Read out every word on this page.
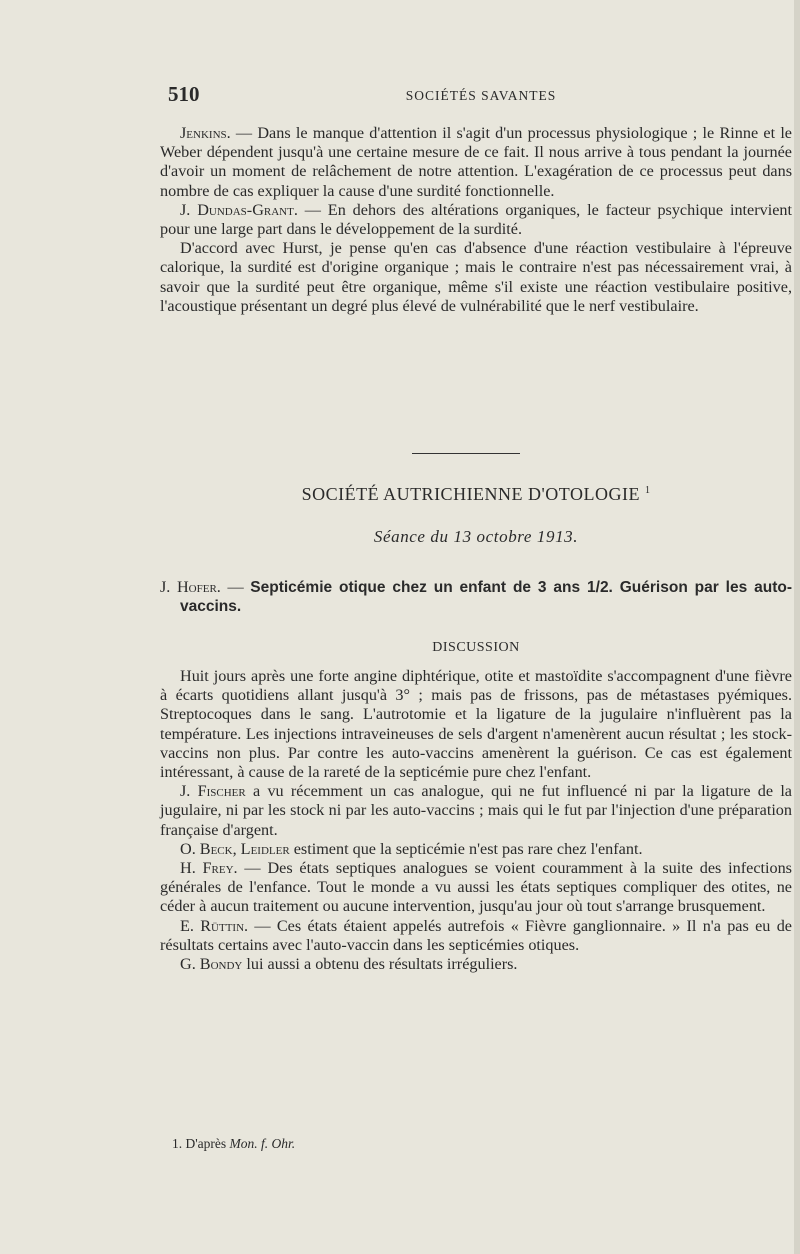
510	SOCIÉTÉS SAVANTES

Jenkins. — Dans le manque d'attention il s'agit d'un processus physiologique ; le Rinne et le Weber dépendent jusqu'à une certaine mesure de ce fait. Il nous arrive à tous pendant la journée d'avoir un moment de relâchement de notre attention. L'exagération de ce processus peut dans nombre de cas expliquer la cause d'une surdité fonctionnelle.

J. Dundas-Grant. — En dehors des altérations organiques, le facteur psychique intervient pour une large part dans le développement de la surdité.

D'accord avec Hurst, je pense qu'en cas d'absence d'une réaction vestibulaire à l'épreuve calorique, la surdité est d'origine organique ; mais le contraire n'est pas nécessairement vrai, à savoir que la surdité peut être organique, même s'il existe une réaction vestibulaire positive, l'acoustique présentant un degré plus élevé de vulnérabilité que le nerf vestibulaire.

SOCIÉTÉ AUTRICHIENNE D'OTOLOGIE $^1$
Séance du 13 octobre 1913.

J. Hofer. — Septicémie otique chez un enfant de 3 ans 1/2. Guérison par les auto-vaccins.

DISCUSSION

Huit jours après une forte angine diphtérique, otite et mastoïdite s'accompagnent d'une fièvre à écarts quotidiens allant jusqu'à 3° ; mais pas de frissons, pas de métastases pyémiques. Streptocoques dans le sang. L'autrotomie et la ligature de la jugulaire n'influèrent pas la température. Les injections intraveineuses de sels d'argent n'amenèrent aucun résultat ; les stock-vaccins non plus. Par contre les auto-vaccins amenèrent la guérison. Ce cas est également intéressant, à cause de la rareté de la septicémie pure chez l'enfant.

J. Fischer a vu récemment un cas analogue, qui ne fut influencé ni par la ligature de la jugulaire, ni par les stock ni par les auto-vaccins ; mais qui le fut par l'injection d'une préparation française d'argent.

O. Beck, Leidler estiment que la septicémie n'est pas rare chez l'enfant.

H. Frey. — Des états septiques analogues se voient couramment à la suite des infections générales de l'enfance. Tout le monde a vu aussi les états septiques compliquer des otites, ne céder à aucun traitement ou aucune intervention, jusqu'au jour où tout s'arrange brusquement.

E. Rüttin. — Ces états étaient appelés autrefois « Fièvre ganglionnaire. » Il n'a pas eu de résultats certains avec l'auto-vaccin dans les septicémies otiques.

G. Bondy lui aussi a obtenu des résultats irréguliers.

1. D'après Mon. f. Ohr.
